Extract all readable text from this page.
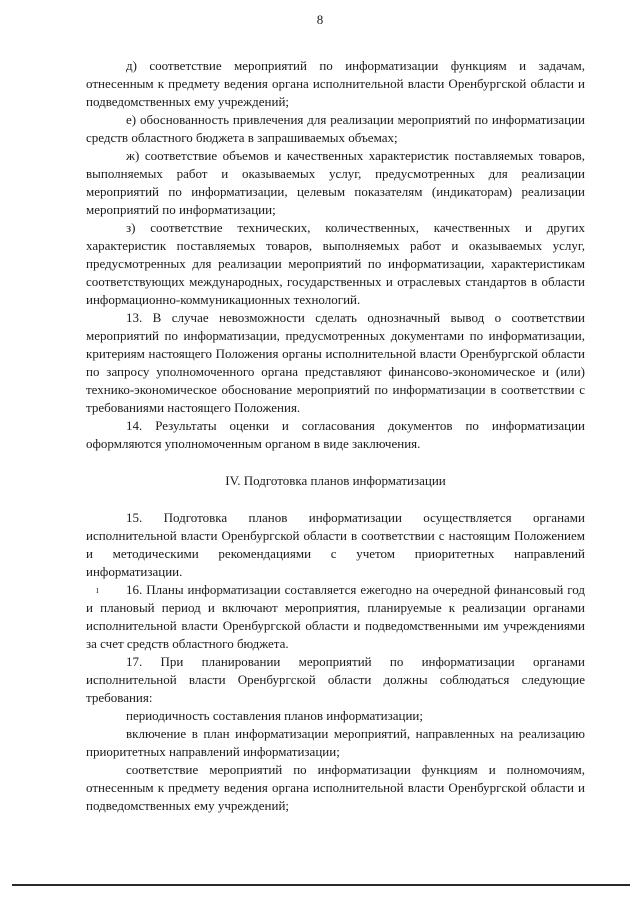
8

д) соответствие мероприятий по информатизации функциям и задачам, отнесенным к предмету ведения органа исполнительной власти Оренбургской области и подведомственных ему учреждений;

е) обоснованность привлечения для реализации мероприятий по информатизации средств областного бюджета в запрашиваемых объемах;

ж) соответствие объемов и качественных характеристик поставляемых товаров, выполняемых работ и оказываемых услуг, предусмотренных для реализации мероприятий по информатизации, целевым показателям (индикаторам) реализации мероприятий по информатизации;

з) соответствие технических, количественных, качественных и других характеристик поставляемых товаров, выполняемых работ и оказываемых услуг, предусмотренных для реализации мероприятий по информатизации, характеристикам соответствующих международных, государственных и отраслевых стандартов в области информационно-коммуникационных технологий.

13. В случае невозможности сделать однозначный вывод о соответствии мероприятий по информатизации, предусмотренных документами по информатизации, критериям настоящего Положения органы исполнительной власти Оренбургской области по запросу уполномоченного органа представляют финансово-экономическое и (или) технико-экономическое обоснование мероприятий по информатизации в соответствии с требованиями настоящего Положения.

14. Результаты оценки и согласования документов по информатизации оформляются уполномоченным органом в виде заключения.

IV. Подготовка планов информатизации

15. Подготовка планов информатизации осуществляется органами исполнительной власти Оренбургской области в соответствии с настоящим Положением и методическими рекомендациями с учетом приоритетных направлений информатизации.

16. Планы информатизации составляется ежегодно на очередной финансовый год и плановый период и включают мероприятия, планируемые к реализации органами исполнительной власти Оренбургской области и подведомственными им учреждениями за счет средств областного бюджета.

17. При планировании мероприятий по информатизации органами исполнительной власти Оренбургской области должны соблюдаться следующие требования:

периодичность составления планов информатизации;

включение в план информатизации мероприятий, направленных на реализацию приоритетных направлений информатизации;

соответствие мероприятий по информатизации функциям и полномочиям, отнесенным к предмету ведения органа исполнительной власти Оренбургской области и подведомственных ему учреждений;

ı
